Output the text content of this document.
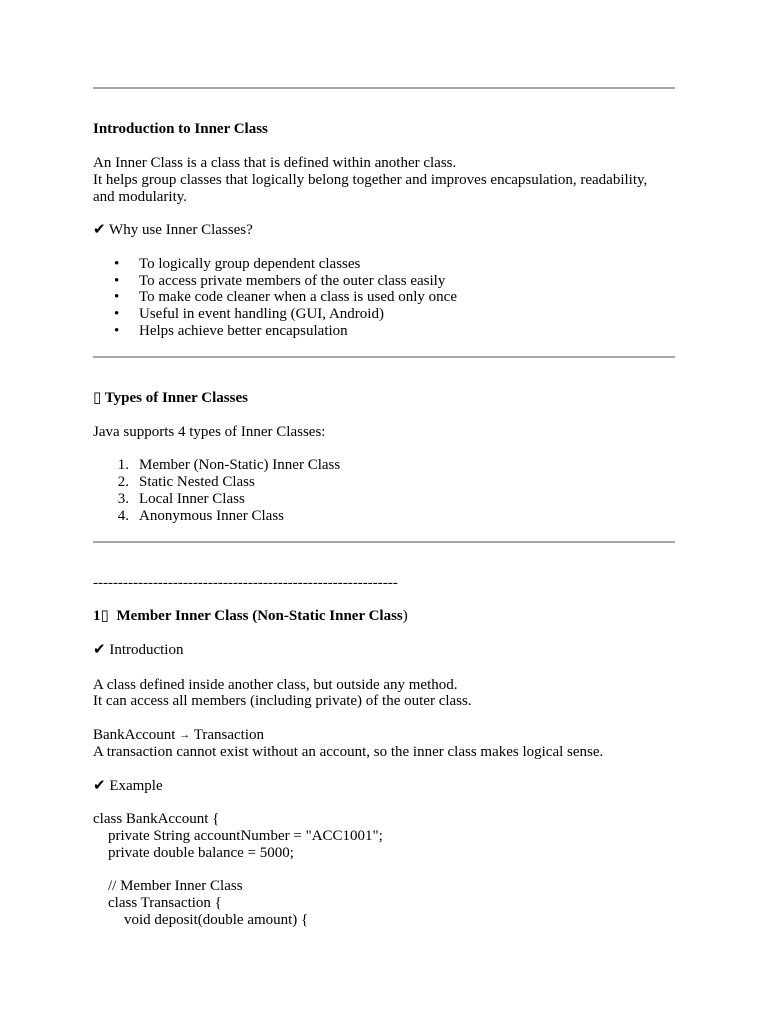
Introduction to Inner Class
An Inner Class is a class that is defined within another class.
It helps group classes that logically belong together and improves encapsulation, readability,
and modularity.
✔ Why use Inner Classes?
• To logically group dependent classes
• To access private members of the outer class easily
• To make code cleaner when a class is used only once
• Useful in event handling (GUI, Android)
• Helps achieve better encapsulation
▯ Types of Inner Classes
Java supports 4 types of Inner Classes:
1. Member (Non-Static) Inner Class
2. Static Nested Class
3. Local Inner Class
4. Anonymous Inner Class
-------------------------------------------------------------
1▯ Member Inner Class (Non-Static Inner Class)
✔ Introduction
A class defined inside another class, but outside any method.
It can access all members (including private) of the outer class.
BankAccount → Transaction
A transaction cannot exist without an account, so the inner class makes logical sense.
✔ Example
class BankAccount {
private String accountNumber = "ACC1001";
private double balance = 5000;
// Member Inner Class
class Transaction {
void deposit(double amount) {
